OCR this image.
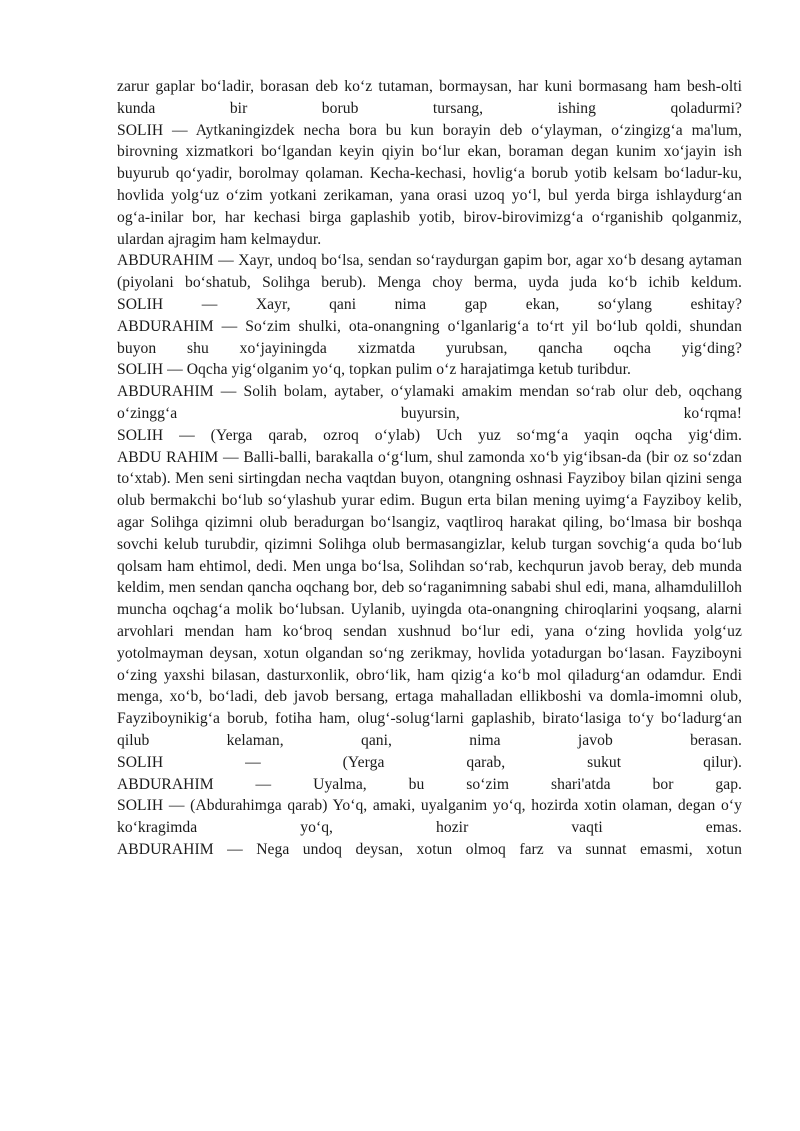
zarur gaplar boʻladir, borasan deb koʻz tutaman, bormaysan, har kuni bormasang ham besh-olti kunda bir borub tursang, ishing qoladurmi?

SOLIH — Aytkaningizdek necha bora bu kun borayin deb oʻylayman, oʻzingizgʻa ma'lum, birovning xizmatkori boʻlgandan keyin qiyin boʻlur ekan, boraman degan kunim xoʻjayin ish buyurub qoʻyadir, borolmay qolaman. Kecha-kechasi, hovligʻa borub yotib kelsam boʻladur-ku, hovlida yolgʻuz oʻzim yotkani zerikaman, yana orasi uzoq yoʻl, bul yerda birga ishlaydurgʻan ogʻa-inilar bor, har kechasi birga gaplashib yotib, birov-birovimizgʻa oʻrganishib qolganmiz, ulardan ajragim ham kelmaydur.

ABDURAHIM — Xayr, undoq boʻlsa, sendan soʻraydurgan gapim bor, agar xoʻb desang aytaman (piyolani boʻshatub, Solihga berub). Menga choy berma, uyda juda koʻb ichib keldum.

SOLIH — Xayr, qani nima gap ekan, soʻylang eshitay?

ABDURAHIM — Soʻzim shulki, ota-onangning oʻlganlarigʻa toʻrt yil boʻlub qoldi, shundan buyon shu xoʻjayiningda xizmatda yurubsan, qancha oqcha yigʻding?

SOLIH — Oqcha yigʻolganim yoʻq, topkan pulim oʻz harajatimga ketub turibdur.

ABDURAHIM — Solih bolam, aytaber, oʻylamaki amakim mendan soʻrab olur deb, oqchang oʻzinggʻa buyursin, koʻrqma!

SOLIH — (Yerga qarab, ozroq oʻylab) Uch yuz soʻmgʻa yaqin oqcha yigʻdim.

ABDU RAHIM — Balli-balli, barakalla oʻgʻlum, shul zamonda xoʻb yigʻibsan-da (bir oz soʻzdan toʻxtab). Men seni sirtingdan necha vaqtdan buyon, otangning oshnasi Fayziboy bilan qizini senga olub bermakchi boʻlub soʻylashub yurar edim. Bugun erta bilan mening uyimgʻa Fayziboy kelib, agar Solihga qizimni olub beradurgan boʻlsangiz, vaqtliroq harakat qiling, boʻlmasa bir boshqa sovchi kelub turubdir, qizimni Solihga olub bermasangizlar, kelub turgan sovchigʻa quda boʻlub qolsam ham ehtimol, dedi. Men unga boʻlsa, Solihdan soʻrab, kechqurun javob beray, deb munda keldim, men sendan qancha oqchang bor, deb soʻraganimning sababi shul edi, mana, alhamdulilloh muncha oqchagʻa molik boʻlubsan. Uylanib, uyingda ota-onangning chiroqlarini yoqsang, alarni arvohlari mendan ham koʻbroq sendan xushnud boʻlur edi, yana oʻzing hovlida yolgʻuz yotolmayman deysan, xotun olgandan soʻng zerikmay, hovlida yotadurgan boʻlasan. Fayziboyni oʻzing yaxshi bilasan, dasturxonlik, obroʻlik, ham qizigʻa koʻb mol qiladurgʻan odamdur. Endi menga, xoʻb, boʻladi, deb javob bersang, ertaga mahalladan ellikboshi va domla-imomni olub, Fayziboynikigʻa borub, fotiha ham, olugʻ-solugʻlarni gaplashib, biratoʻlasiga toʻy boʻladurgʻan qilub kelaman, qani, nima javob berasan.

SOLIH — (Yerga qarab, sukut qilur).

ABDURAHIM — Uyalma, bu soʻzim shari'atda bor gap.

SOLIH — (Abdurahimga qarab) Yoʻq, amaki, uyalganim yoʻq, hozirda xotin olaman, degan oʻy koʻkragimda yoʻq, hozir vaqti emas.

ABDURAHIM — Nega undoq deysan, xotun olmoq farz va sunnat emasmi, xotun
